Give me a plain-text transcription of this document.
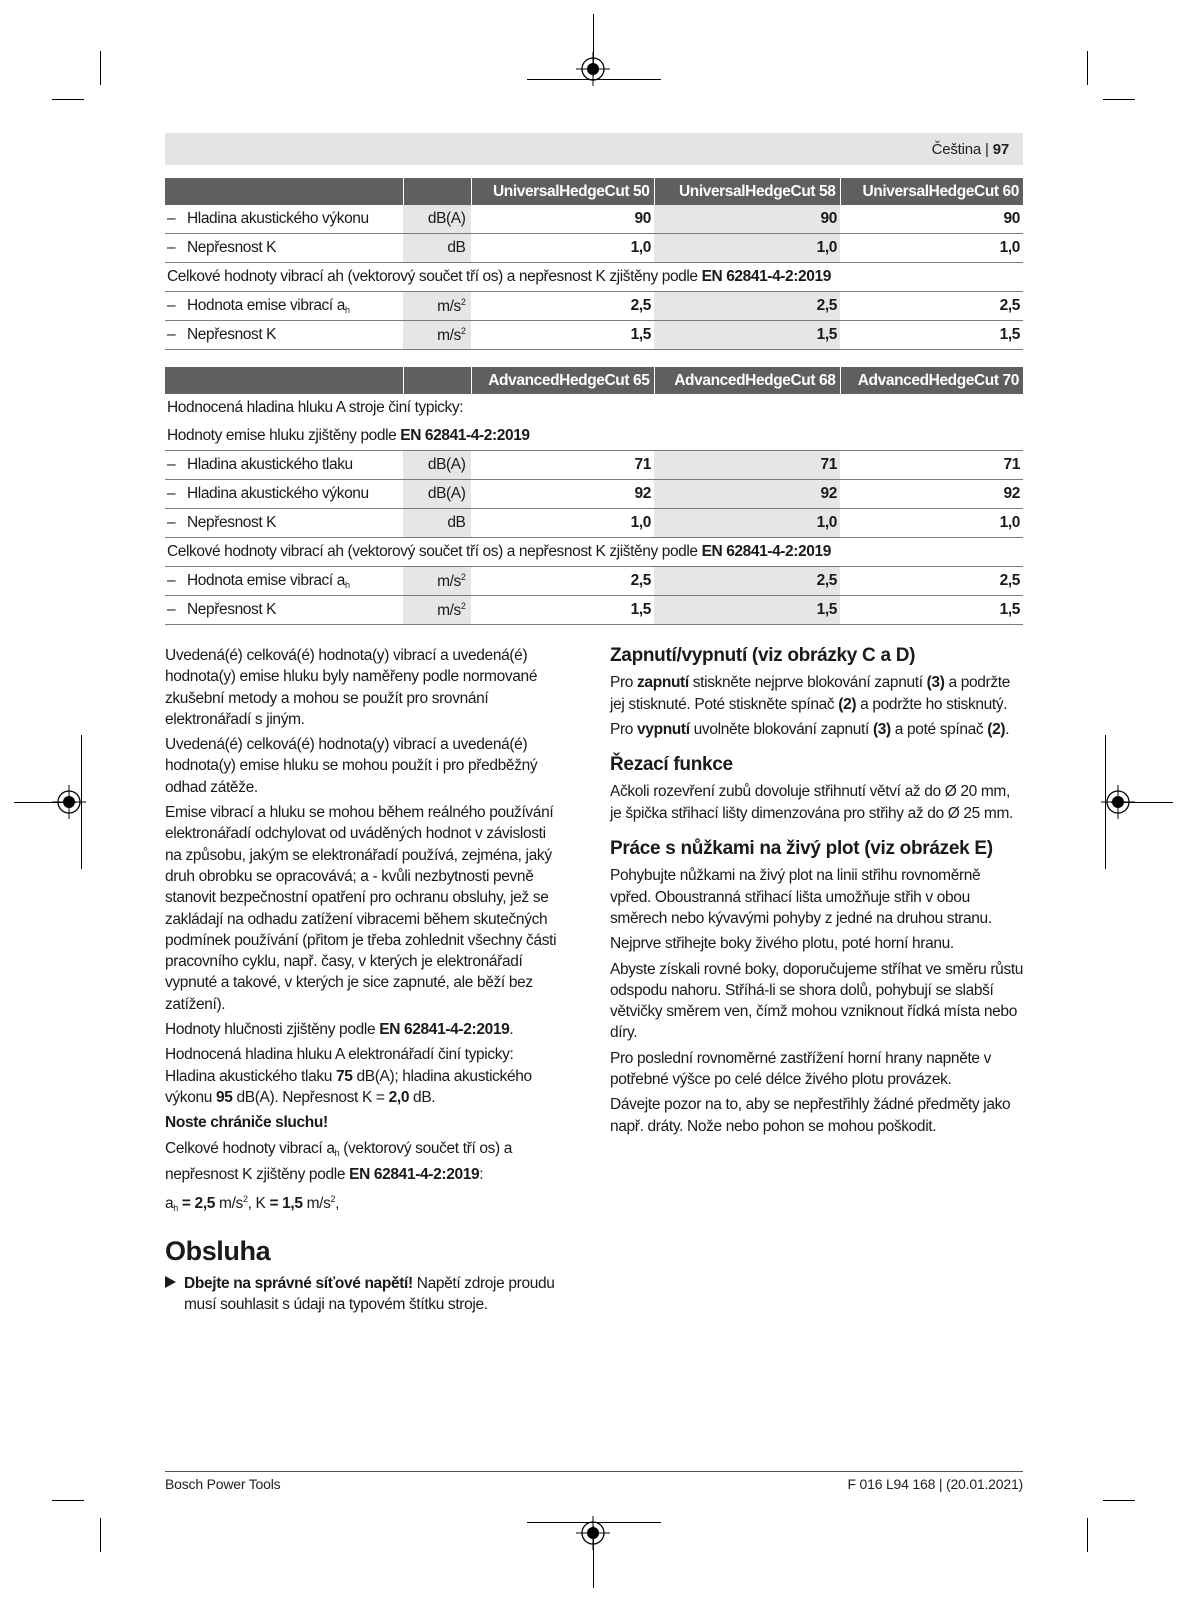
Čeština | 97
		UniversalHedgeCut 50	UniversalHedgeCut 58	UniversalHedgeCut 60
– Hladina akustického výkonu	dB(A)	90	90	90
– Nepřesnost K	dB	1,0	1,0	1,0
Celkové hodnoty vibrací ah (vektorový součet tří os) a nepřesnost K zjištěny podle EN 62841-4-2:2019				
– Hodnota emise vibrací $a_h$	$m/s^2$	2,5	2,5	2,5
– Nepřesnost K	$m/s^2$	1,5	1,5	1,5
		AdvancedHedgeCut 65	AdvancedHedgeCut 68	AdvancedHedgeCut 70
Hodnocená hladina hluku A stroje činí typicky:				
Hodnoty emise hluku zjištěny podle EN 62841-4-2:2019				
– Hladina akustického tlaku	dB(A)	71	71	71
– Hladina akustického výkonu	dB(A)	92	92	92
– Nepřesnost K	dB	1,0	1,0	1,0
Celkové hodnoty vibrací ah (vektorový součet tří os) a nepřesnost K zjištěny podle EN 62841-4-2:2019				
– Hodnota emise vibrací $a_h$	$m/s^2$	2,5	2,5	2,5
– Nepřesnost K	$m/s^2$	1,5	1,5	1,5

Uvedená(é) celková(é) hodnota(y) vibrací a uvedená(é) hodnota(y) emise hluku byly naměřeny podle normované zkušební metody a mohou se použít pro srovnání elektronářadí s jiným.

Uvedená(é) celková(é) hodnota(y) vibrací a uvedená(é) hodnota(y) emise hluku se mohou použít i pro předběžný odhad zátěže.

Emise vibrací a hluku se mohou během reálného používání elektronářadí odchylovat od uváděných hodnot v závislosti na způsobu, jakým se elektronářadí používá, zejména, jaký druh obrobku se opracovává; a - kvůli nezbytnosti pevně stanovit bezpečnostní opatření pro ochranu obsluhy, jež se zakládají na odhadu zatížení vibracemi během skutečných podmínek používání (přitom je třeba zohlednit všechny části pracovního cyklu, např. časy, v kterých je elektronářadí vypnuté a takové, v kterých je sice zapnuté, ale běží bez zatížení).

Hodnoty hlučnosti zjištěny podle EN 62841-4-2:2019.

Hodnocená hladina hluku A elektronářadí činí typicky:
Hladina akustického tlaku 75 dB(A); hladina akustického výkonu 95 dB(A). Nepřesnost K = 2,0 dB.

Noste chrániče sluchu!

Celkové hodnoty vibrací $a_h$ (vektorový součet tří os) a nepřesnost K zjištěny podle EN 62841-4-2:2019:

$a_h = 2,5$ $m/s^2$, K = 1,5 $m/s^2$,

Obsluha
Dbejte na správné síťové napětí! Napětí zdroje proudu musí souhlasit s údaji na typovém štítku stroje.
Zapnutí/vypnutí (viz obrázky C a D)

Pro zapnutí stiskněte nejprve blokování zapnutí (3) a podržte jej stisknuté. Poté stiskněte spínač (2) a podržte ho stisknutý.

Pro vypnutí uvolněte blokování zapnutí (3) a poté spínač (2).

Řezací funkce

Ačkoli rozevření zubů dovoluje střihnutí větví až do Ø 20 mm, je špička střihací lišty dimenzována pro střihy až do Ø 25 mm.

Práce s nůžkami na živý plot (viz obrázek E)

Pohybujte nůžkami na živý plot na linii střihu rovnoměrně vpřed. Oboustranná střihací lišta umožňuje střih v obou směrech nebo kývavými pohyby z jedné na druhou stranu.

Nejprve střihejte boky živého plotu, poté horní hranu.

Abyste získali rovné boky, doporučujeme stříhat ve směru růstu odspodu nahoru. Stříhá-li se shora dolů, pohybují se slabší větvičky směrem ven, čímž mohou vzniknout řídká místa nebo díry.

Pro poslední rovnoměrné zastřížení horní hrany napněte v potřebné výšce po celé délce živého plotu provázek.

Dávejte pozor na to, aby se nepřestřihly žádné předměty jako např. dráty. Nože nebo pohon se mohou poškodit.

Bosch Power Tools	F 016 L94 168 | (20.01.2021)
